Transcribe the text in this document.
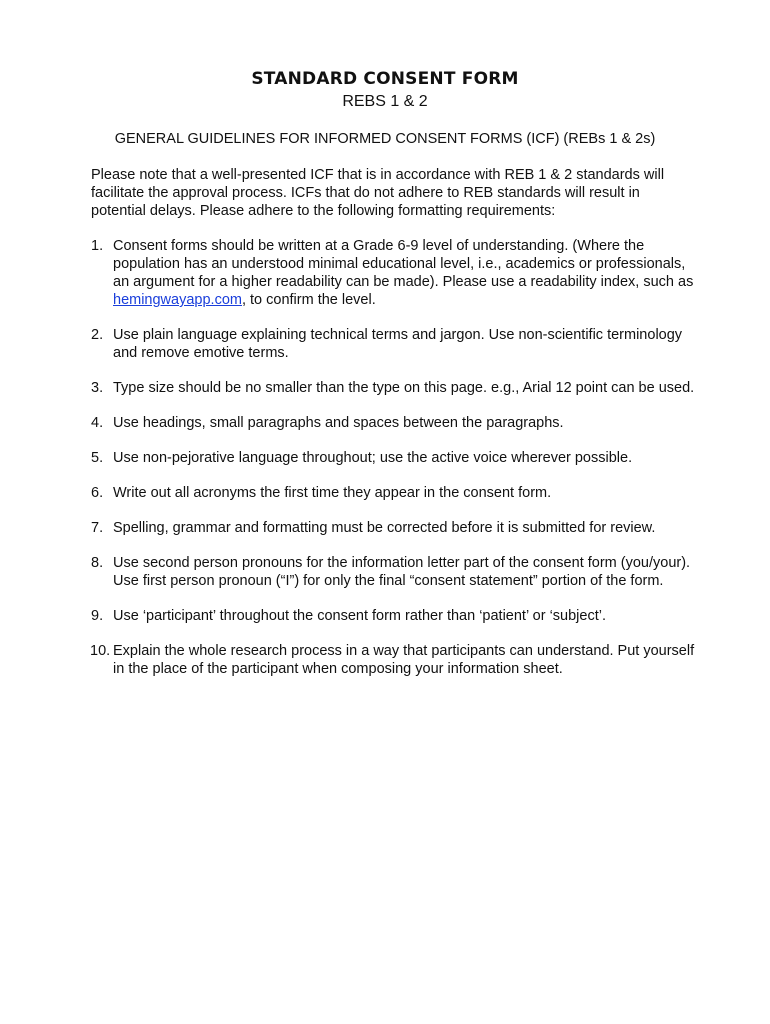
STANDARD CONSENT FORM
REBS 1 & 2
GENERAL GUIDELINES FOR INFORMED CONSENT FORMS (ICF) (REBs 1 & 2s)
Please note that a well-presented ICF that is in accordance with REB 1 & 2 standards will facilitate the approval process. ICFs that do not adhere to REB standards will result in potential delays. Please adhere to the following formatting requirements:
1. Consent forms should be written at a Grade 6-9 level of understanding. (Where the population has an understood minimal educational level, i.e., academics or professionals, an argument for a higher readability can be made). Please use a readability index, such as hemingwayapp.com, to confirm the level.
2. Use plain language explaining technical terms and jargon. Use non-scientific terminology and remove emotive terms.
3. Type size should be no smaller than the type on this page. e.g., Arial 12 point can be used.
4. Use headings, small paragraphs and spaces between the paragraphs.
5. Use non-pejorative language throughout; use the active voice wherever possible.
6. Write out all acronyms the first time they appear in the consent form.
7. Spelling, grammar and formatting must be corrected before it is submitted for review.
8. Use second person pronouns for the information letter part of the consent form (you/your). Use first person pronoun (“I”) for only the final “consent statement” portion of the form.
9. Use ‘participant’ throughout the consent form rather than ‘patient’ or ‘subject’.
10. Explain the whole research process in a way that participants can understand. Put yourself in the place of the participant when composing your information sheet.
